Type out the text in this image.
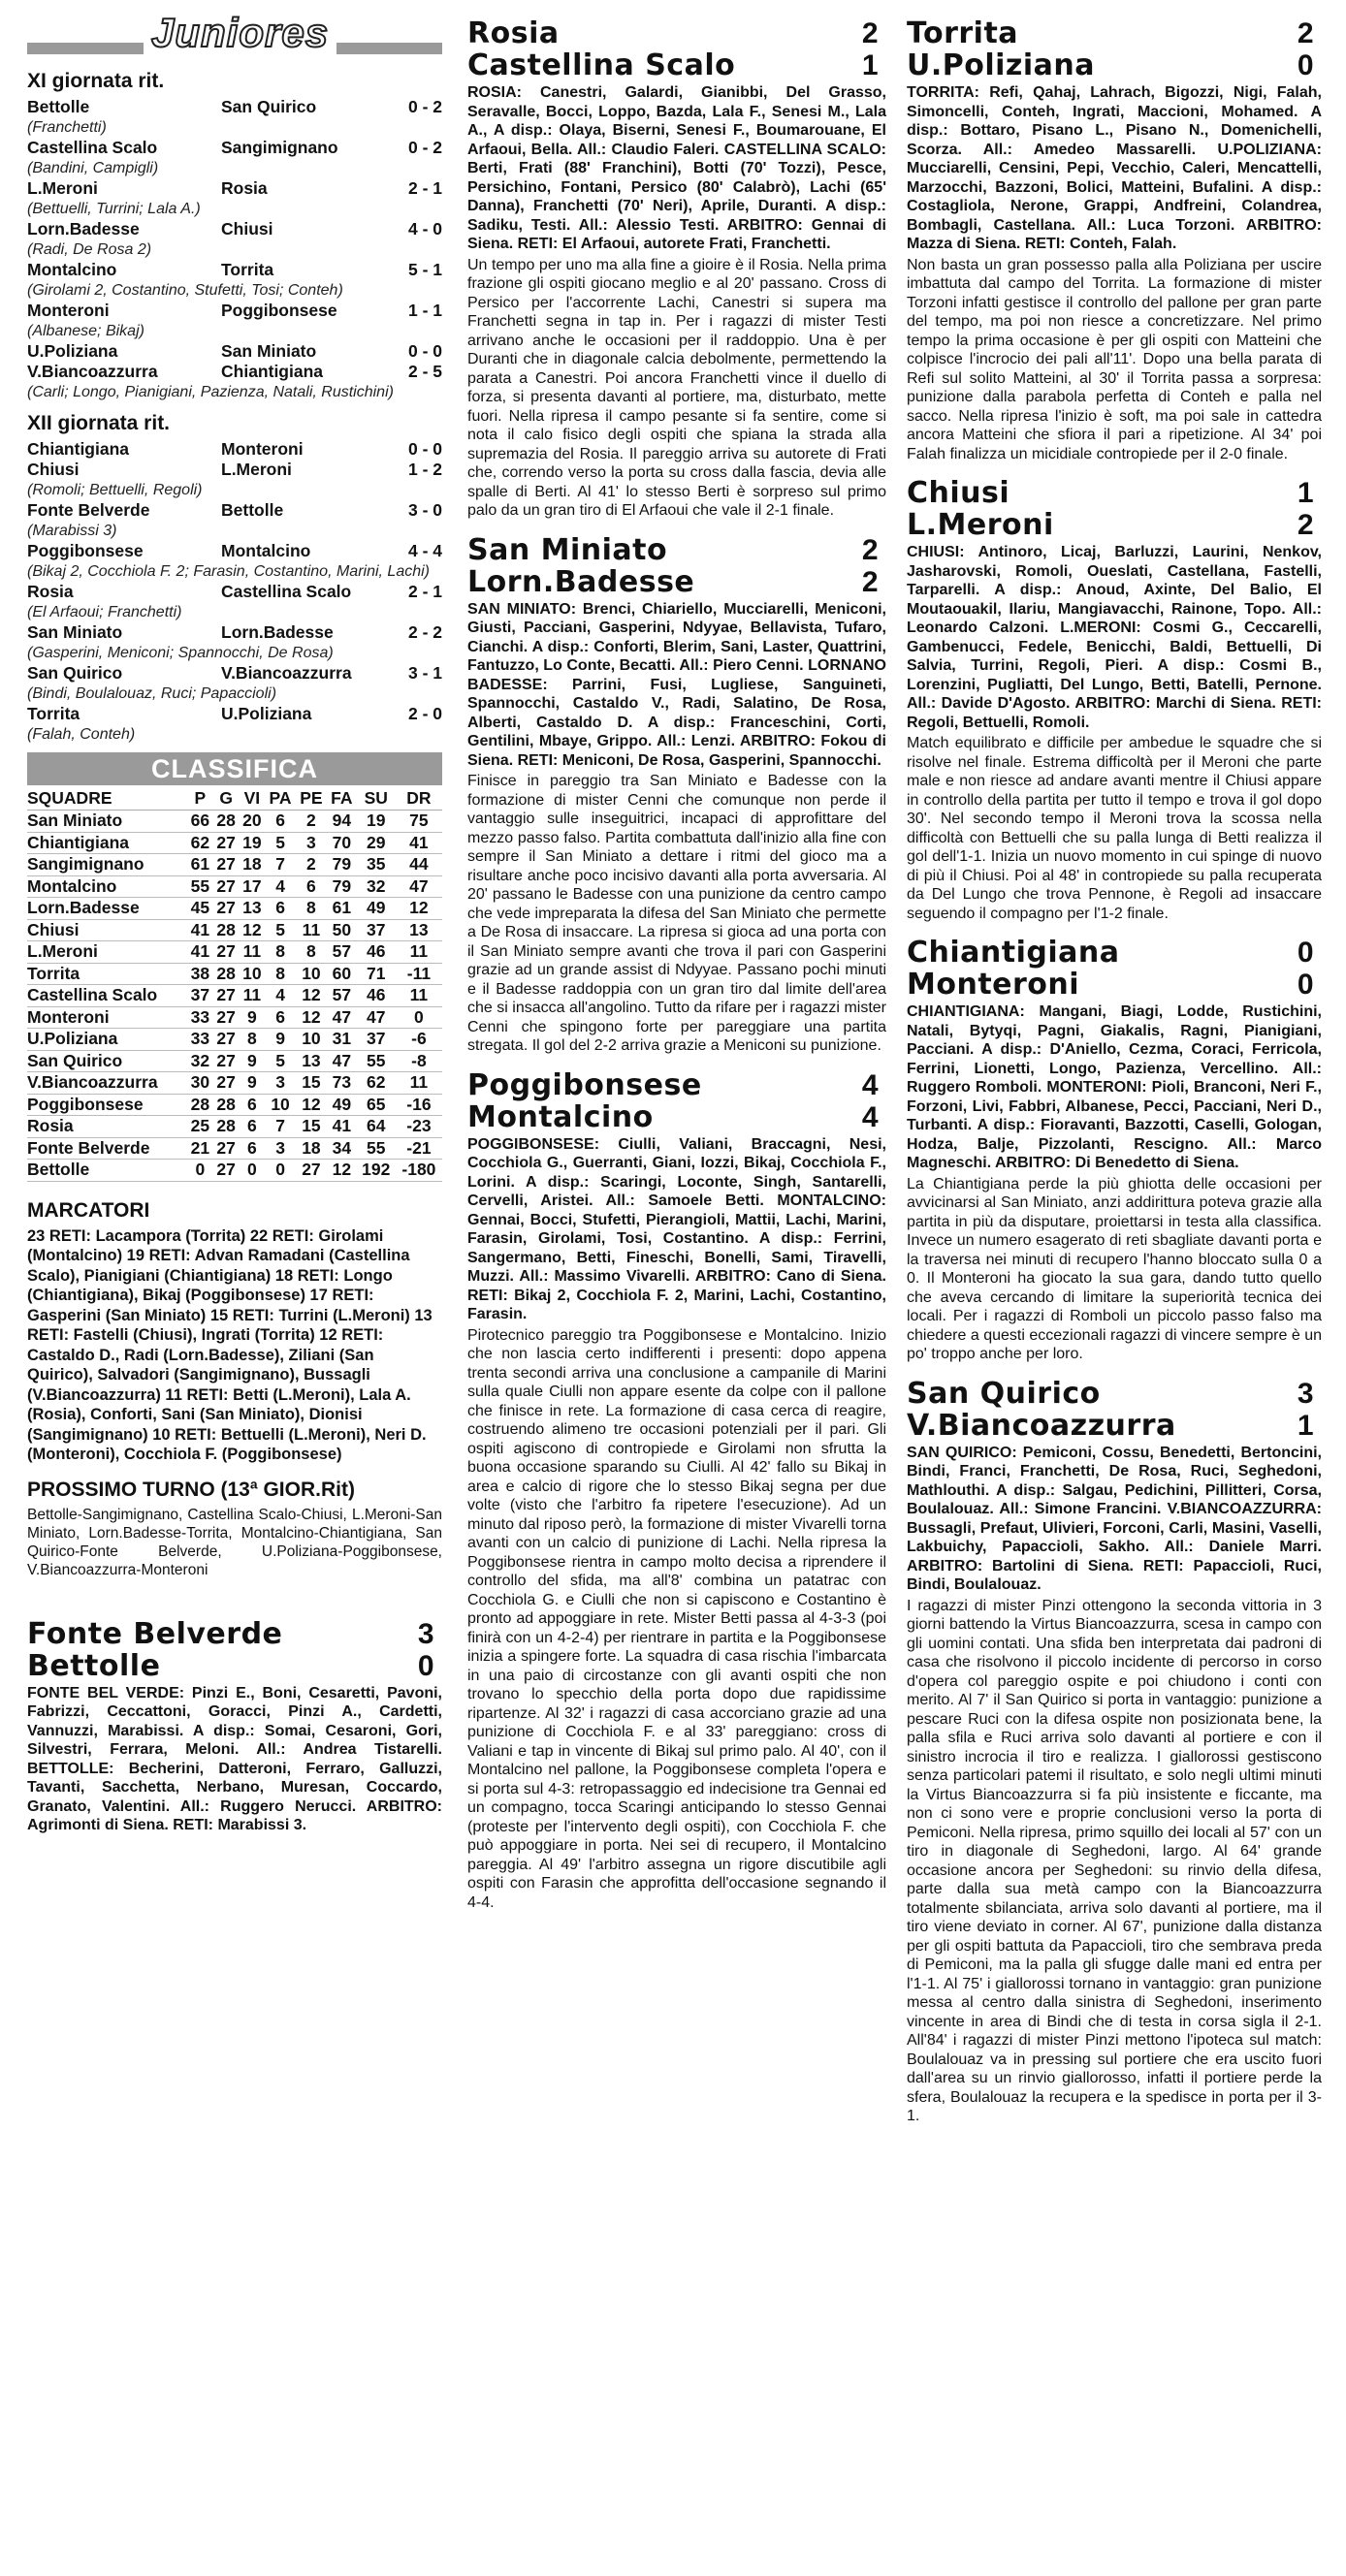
Juniores
XI giornata rit.
Bettolle	San Quirico	0 - 2
(Franchetti)
Castellina Scalo	Sangimignano	0 - 2
(Bandini, Campigli)
L.Meroni	Rosia	2 - 1
(Bettuelli, Turrini; Lala A.)
Lorn.Badesse	Chiusi	4 - 0
(Radi, De Rosa 2)
Montalcino	Torrita	5 - 1
(Girolami 2, Costantino, Stufetti, Tosi; Conteh)
Monteroni	Poggibonsese	1 - 1
(Albanese; Bikaj)
U.Poliziana	San Miniato	0 - 0
V.Biancoazzurra	Chiantigiana	2 - 5
(Carli; Longo, Pianigiani, Pazienza, Natali, Rustichini)
XII giornata rit.
Chiantigiana	Monteroni	0 - 0
Chiusi	L.Meroni	1 - 2
(Romoli; Bettuelli, Regoli)
Fonte Belverde	Bettolle	3 - 0
(Marabissi 3)
Poggibonsese	Montalcino	4 - 4
(Bikaj 2, Cocchiola F. 2; Farasin, Costantino, Marini, Lachi)
Rosia	Castellina Scalo	2 - 1
(El Arfaoui; Franchetti)
San Miniato	Lorn.Badesse	2 - 2
(Gasperini, Meniconi; Spannocchi, De Rosa)
San Quirico	V.Biancoazzurra	3 - 1
(Bindi, Boulalouaz, Ruci; Papaccioli)
Torrita	U.Poliziana	2 - 0
(Falah, Conteh)
CLASSIFICA
SQUADRE	P	G	VI	PA	PE	FA	SU	DR
San Miniato	66	28	20	6	2	94	19	75
Chiantigiana	62	27	19	5	3	70	29	41
Sangimignano	61	27	18	7	2	79	35	44
Montalcino	55	27	17	4	6	79	32	47
Lorn.Badesse	45	27	13	6	8	61	49	12
Chiusi	41	28	12	5	11	50	37	13
L.Meroni	41	27	11	8	8	57	46	11
Torrita	38	28	10	8	10	60	71	-11
Castellina Scalo	37	27	11	4	12	57	46	11
Monteroni	33	27	9	6	12	47	47	0
U.Poliziana	33	27	8	9	10	31	37	-6
San Quirico	32	27	9	5	13	47	55	-8
V.Biancoazzurra	30	27	9	3	15	73	62	11
Poggibonsese	28	28	6	10	12	49	65	-16
Rosia	25	28	6	7	15	41	64	-23
Fonte Belverde	21	27	6	3	18	34	55	-21
Bettolle	0	27	0	0	27	12	192	-180
MARCATORI
23 RETI: Lacampora (Torrita) 22 RETI: Girolami (Montalcino) 19 RETI: Advan Ramadani (Castellina Scalo), Pianigiani (Chiantigiana) 18 RETI: Longo (Chiantigiana), Bikaj (Poggibonsese) 17 RETI: Gasperini (San Miniato) 15 RETI: Turrini (L.Meroni) 13 RETI: Fastelli (Chiusi), Ingrati (Torrita) 12 RETI: Castaldo D., Radi (Lorn.Badesse), Ziliani (San Quirico), Salvadori (Sangimignano), Bussagli (V.Biancoazzurra) 11 RETI: Betti (L.Meroni), Lala A. (Rosia), Conforti, Sani (San Miniato), Dionisi (Sangimignano) 10 RETI: Bettuelli (L.Meroni), Neri D. (Monteroni), Cocchiola F. (Poggibonsese)
PROSSIMO TURNO (13ª GIOR.Rit)
Bettolle-Sangimignano, Castellina Scalo-Chiusi, L.Meroni-San Miniato, Lorn.Badesse-Torrita, Montalcino-Chiantigiana, San Quirico-Fonte Belverde, U.Poliziana-Poggibonsese, V.Biancoazzurra-Monteroni
Fonte Belverde	3
Bettolle	0
FONTE BEL VERDE: Pinzi E., Boni, Cesaretti, Pavoni, Fabrizzi, Ceccattoni, Goracci, Pinzi A., Cardetti, Vannuzzi, Marabissi. A disp.: Somai, Cesaroni, Gori, Silvestri, Ferrara, Meloni. All.: Andrea Tistarelli. BETTOLLE: Becherini, Datteroni, Ferraro, Galluzzi, Tavanti, Sacchetta, Nerbano, Muresan, Coccardo, Granato, Valentini. All.: Ruggero Nerucci. ARBITRO: Agrimonti di Siena. RETI: Marabissi 3.
Rosia	2
Castellina Scalo	1
ROSIA: Canestri, Galardi, Gianibbi, Del Grasso, Seravalle, Bocci, Loppo, Bazda, Lala F., Senesi M., Lala A., A disp.: Olaya, Biserni, Senesi F., Boumarouane, El Arfaoui, Bella. All.: Claudio Faleri. CASTELLINA SCALO: Berti, Frati (88' Franchini), Botti (70' Tozzi), Pesce, Persichino, Fontani, Persico (80' Calabrò), Lachi (65' Danna), Franchetti (70' Neri), Aprile, Duranti. A disp.: Sadiku, Testi. All.: Alessio Testi. ARBITRO: Gennai di Siena. RETI: El Arfaoui, autorete Frati, Franchetti.
Un tempo per uno ma alla fine a gioire è il Rosia. Nella prima frazione gli ospiti giocano meglio e al 20' passano. Cross di Persico per l'accorrente Lachi, Canestri si supera ma Franchetti segna in tap in. Per i ragazzi di mister Testi arrivano anche le occasioni per il raddoppio. Una è per Duranti che in diagonale calcia debolmente, permettendo la parata a Canestri. Poi ancora Franchetti vince il duello di forza, si presenta davanti al portiere, ma, disturbato, mette fuori. Nella ripresa il campo pesante si fa sentire, come si nota il calo fisico degli ospiti che spiana la strada alla supremazia del Rosia. Il pareggio arriva su autorete di Frati che, correndo verso la porta su cross dalla fascia, devia alle spalle di Berti. Al 41' lo stesso Berti è sorpreso sul primo palo da un gran tiro di El Arfaoui che vale il 2-1 finale.
San Miniato	2
Lorn.Badesse	2
SAN MINIATO: Brenci, Chiariello, Mucciarelli, Meniconi, Giusti, Pacciani, Gasperini, Ndyyae, Bellavista, Tufaro, Cianchi. A disp.: Conforti, Blerim, Sani, Laster, Quattrini, Fantuzzo, Lo Conte, Becatti. All.: Piero Cenni. LORNANO BADESSE: Parrini, Fusi, Lugliese, Sanguineti, Spannocchi, Castaldo V., Radi, Salatino, De Rosa, Alberti, Castaldo D. A disp.: Franceschini, Corti, Gentilini, Mbaye, Grippo. All.: Lenzi. ARBITRO: Fokou di Siena. RETI: Meniconi, De Rosa, Gasperini, Spannocchi.
Finisce in pareggio tra San Miniato e Badesse con la formazione di mister Cenni che comunque non perde il vantaggio sulle inseguitrici, incapaci di approfittare del mezzo passo falso. Partita combattuta dall'inizio alla fine con sempre il San Miniato a dettare i ritmi del gioco ma a risultare anche poco incisivo davanti alla porta avversaria. Al 20' passano le Badesse con una punizione da centro campo che vede impreparata la difesa del San Miniato che permette a De Rosa di insaccare. La ripresa si gioca ad una porta con il San Miniato sempre avanti che trova il pari con Gasperini grazie ad un grande assist di Ndyyae. Passano pochi minuti e il Badesse raddoppia con un gran tiro dal limite dell'area che si insacca all'angolino. Tutto da rifare per i ragazzi mister Cenni che spingono forte per pareggiare una partita stregata. Il gol del 2-2 arriva grazie a Meniconi su punizione.
Poggibonsese	4
Montalcino	4
POGGIBONSESE: Ciulli, Valiani, Braccagni, Nesi, Cocchiola G., Guerranti, Giani, Iozzi, Bikaj, Cocchiola F., Lorini. A disp.: Scaringi, Loconte, Singh, Santarelli, Cervelli, Aristei. All.: Samoele Betti. MONTALCINO: Gennai, Bocci, Stufetti, Pierangioli, Mattii, Lachi, Marini, Farasin, Girolami, Tosi, Costantino. A disp.: Ferrini, Sangermano, Betti, Fineschi, Bonelli, Sami, Tiravelli, Muzzi. All.: Massimo Vivarelli. ARBITRO: Cano di Siena. RETI: Bikaj 2, Cocchiola F. 2, Marini, Lachi, Costantino, Farasin.
Pirotecnico pareggio tra Poggibonsese e Montalcino. Inizio che non lascia certo indifferenti i presenti: dopo appena trenta secondi arriva una conclusione a campanile di Marini sulla quale Ciulli non appare esente da colpe con il pallone che finisce in rete. La formazione di casa cerca di reagire, costruendo alimeno tre occasioni potenziali per il pari. Gli ospiti agiscono di contropiede e Girolami non sfrutta la buona occasione sparando su Ciulli. Al 42' fallo su Bikaj in area e calcio di rigore che lo stesso Bikaj segna per due volte (visto che l'arbitro fa ripetere l'esecuzione). Ad un minuto dal riposo però, la formazione di mister Vivarelli torna avanti con un calcio di punizione di Lachi. Nella ripresa la Poggibonsese rientra in campo molto decisa a riprendere il controllo del sfida, ma all'8' combina un patatrac con Cocchiola G. e Ciulli che non si capiscono e Costantino è pronto ad appoggiare in rete. Mister Betti passa al 4-3-3 (poi finirà con un 4-2-4) per rientrare in partita e la Poggibonsese inizia a spingere forte. La squadra di casa rischia l'imbarcata in una paio di circostanze con gli avanti ospiti che non trovano lo specchio della porta dopo due rapidissime ripartenze. Al 32' i ragazzi di casa accorciano grazie ad una punizione di Cocchiola F. e al 33' pareggiano: cross di Valiani e tap in vincente di Bikaj sul primo palo. Al 40', con il Montalcino nel pallone, la Poggibonsese completa l'opera e si porta sul 4-3: retropassaggio ed indecisione tra Gennai ed un compagno, tocca Scaringi anticipando lo stesso Gennai (proteste per l'intervento degli ospiti), con Cocchiola F. che può appoggiare in porta. Nei sei di recupero, il Montalcino pareggia. Al 49' l'arbitro assegna un rigore discutibile agli ospiti con Farasin che approfitta dell'occasione segnando il 4-4.
Torrita	2
U.Poliziana	0
TORRITA: Refi, Qahaj, Lahrach, Bigozzi, Nigi, Falah, Simoncelli, Conteh, Ingrati, Maccioni, Mohamed. A disp.: Bottaro, Pisano L., Pisano N., Domenichelli, Scorza. All.: Amedeo Massarelli. U.POLIZIANA: Mucciarelli, Censini, Pepi, Vecchio, Caleri, Mencattelli, Marzocchi, Bazzoni, Bolici, Matteini, Bufalini. A disp.: Costagliola, Nerone, Grappi, Andfreini, Colandrea, Bombagli, Castellana. All.: Luca Torzoni. ARBITRO: Mazza di Siena. RETI: Conteh, Falah.
Non basta un gran possesso palla alla Poliziana per uscire imbattuta dal campo del Torrita. La formazione di mister Torzoni infatti gestisce il controllo del pallone per gran parte del tempo, ma poi non riesce a concretizzare. Nel primo tempo la prima occasione è per gli ospiti con Matteini che colpisce l'incrocio dei pali all'11'. Dopo una bella parata di Refi sul solito Matteini, al 30' il Torrita passa a sorpresa: punizione dalla parabola perfetta di Conteh e palla nel sacco. Nella ripresa l'inizio è soft, ma poi sale in cattedra ancora Matteini che sfiora il pari a ripetizione. Al 34' poi Falah finalizza un micidiale contropiede per il 2-0 finale.
Chiusi	1
L.Meroni	2
CHIUSI: Antinoro, Licaj, Barluzzi, Laurini, Nenkov, Jasharovski, Romoli, Oueslati, Castellana, Fastelli, Tarparelli. A disp.: Anoud, Axinte, Del Balio, El Moutaouakil, Ilariu, Mangiavacchi, Rainone, Topo. All.: Leonardo Calzoni. L.MERONI: Cosmi G., Ceccarelli, Gambenucci, Fedele, Benicchi, Baldi, Bettuelli, Di Salvia, Turrini, Regoli, Pieri. A disp.: Cosmi B., Lorenzini, Pugliatti, Del Lungo, Betti, Batelli, Pernone. All.: Davide D'Agosto. ARBITRO: Marchi di Siena. RETI: Regoli, Bettuelli, Romoli.
Match equilibrato e difficile per ambedue le squadre che si risolve nel finale. Estrema difficoltà per il Meroni che parte male e non riesce ad andare avanti mentre il Chiusi appare in controllo della partita per tutto il tempo e trova il gol dopo 30'. Nel secondo tempo il Meroni trova la scossa nella difficoltà con Bettuelli che su palla lunga di Betti realizza il gol dell'1-1. Inizia un nuovo momento in cui spinge di nuovo di più il Chiusi. Poi al 48' in contropiede su palla recuperata da Del Lungo che trova Pennone, è Regoli ad insaccare seguendo il compagno per l'1-2 finale.
Chiantigiana	0
Monteroni	0
CHIANTIGIANA: Mangani, Biagi, Lodde, Rustichini, Natali, Bytyqi, Pagni, Giakalis, Ragni, Pianigiani, Pacciani. A disp.: D'Aniello, Cezma, Coraci, Ferricola, Ferrini, Lionetti, Longo, Pazienza, Vercellino. All.: Ruggero Romboli. MONTERONI: Pioli, Branconi, Neri F., Forzoni, Livi, Fabbri, Albanese, Pecci, Pacciani, Neri D., Turbanti. A disp.: Fioravanti, Bazzotti, Caselli, Gologan, Hodza, Balje, Pizzolanti, Rescigno. All.: Marco Magneschi. ARBITRO: Di Benedetto di Siena.
La Chiantigiana perde la più ghiotta delle occasioni per avvicinarsi al San Miniato, anzi addirittura poteva grazie alla partita in più da disputare, proiettarsi in testa alla classifica. Invece un numero esagerato di reti sbagliate davanti porta e la traversa nei minuti di recupero l'hanno bloccato sulla 0 a 0. Il Monteroni ha giocato la sua gara, dando tutto quello che aveva cercando di limitare la superiorità tecnica dei locali. Per i ragazzi di Romboli un piccolo passo falso ma chiedere a questi eccezionali ragazzi di vincere sempre è un po' troppo anche per loro.
San Quirico	3
V.Biancoazzurra	1
SAN QUIRICO: Pemiconi, Cossu, Benedetti, Bertoncini, Bindi, Franci, Franchetti, De Rosa, Ruci, Seghedoni, Mathlouthi. A disp.: Salgau, Pedichini, Pillitteri, Corsa, Boulalouaz. All.: Simone Francini. V.BIANCOAZZURRA: Bussagli, Prefaut, Ulivieri, Forconi, Carli, Masini, Vaselli, Lakbuichy, Papaccioli, Sakho. All.: Daniele Marri. ARBITRO: Bartolini di Siena. RETI: Papaccioli, Ruci, Bindi, Boulalouaz.
I ragazzi di mister Pinzi ottengono la seconda vittoria in 3 giorni battendo la Virtus Biancoazzurra, scesa in campo con gli uomini contati. Una sfida ben interpretata dai padroni di casa che risolvono il piccolo incidente di percorso in corso d'opera col pareggio ospite e poi chiudono i conti con merito. Al 7' il San Quirico si porta in vantaggio: punizione a pescare Ruci con la difesa ospite non posizionata bene, la palla sfila e Ruci arriva solo davanti al portiere e con il sinistro incrocia il tiro e realizza. I giallorossi gestiscono senza particolari patemi il risultato, e solo negli ultimi minuti la Virtus Biancoazzurra si fa più insistente e ficcante, ma non ci sono vere e proprie conclusioni verso la porta di Pemiconi. Nella ripresa, primo squillo dei locali al 57' con un tiro in diagonale di Seghedoni, largo. Al 64' grande occasione ancora per Seghedoni: su rinvio della difesa, parte dalla sua metà campo con la Biancoazzurra totalmente sbilanciata, arriva solo davanti al portiere, ma il tiro viene deviato in corner. Al 67', punizione dalla distanza per gli ospiti battuta da Papaccioli, tiro che sembrava preda di Pemiconi, ma la palla gli sfugge dalle mani ed entra per l'1-1. Al 75' i giallorossi tornano in vantaggio: gran punizione messa al centro dalla sinistra di Seghedoni, inserimento vincente in area di Bindi che di testa in corsa sigla il 2-1. All'84' i ragazzi di mister Pinzi mettono l'ipoteca sul match: Boulalouaz va in pressing sul portiere che era uscito fuori dall'area su un rinvio giallorosso, infatti il portiere perde la sfera, Boulalouaz la recupera e la spedisce in porta per il 3-1.
